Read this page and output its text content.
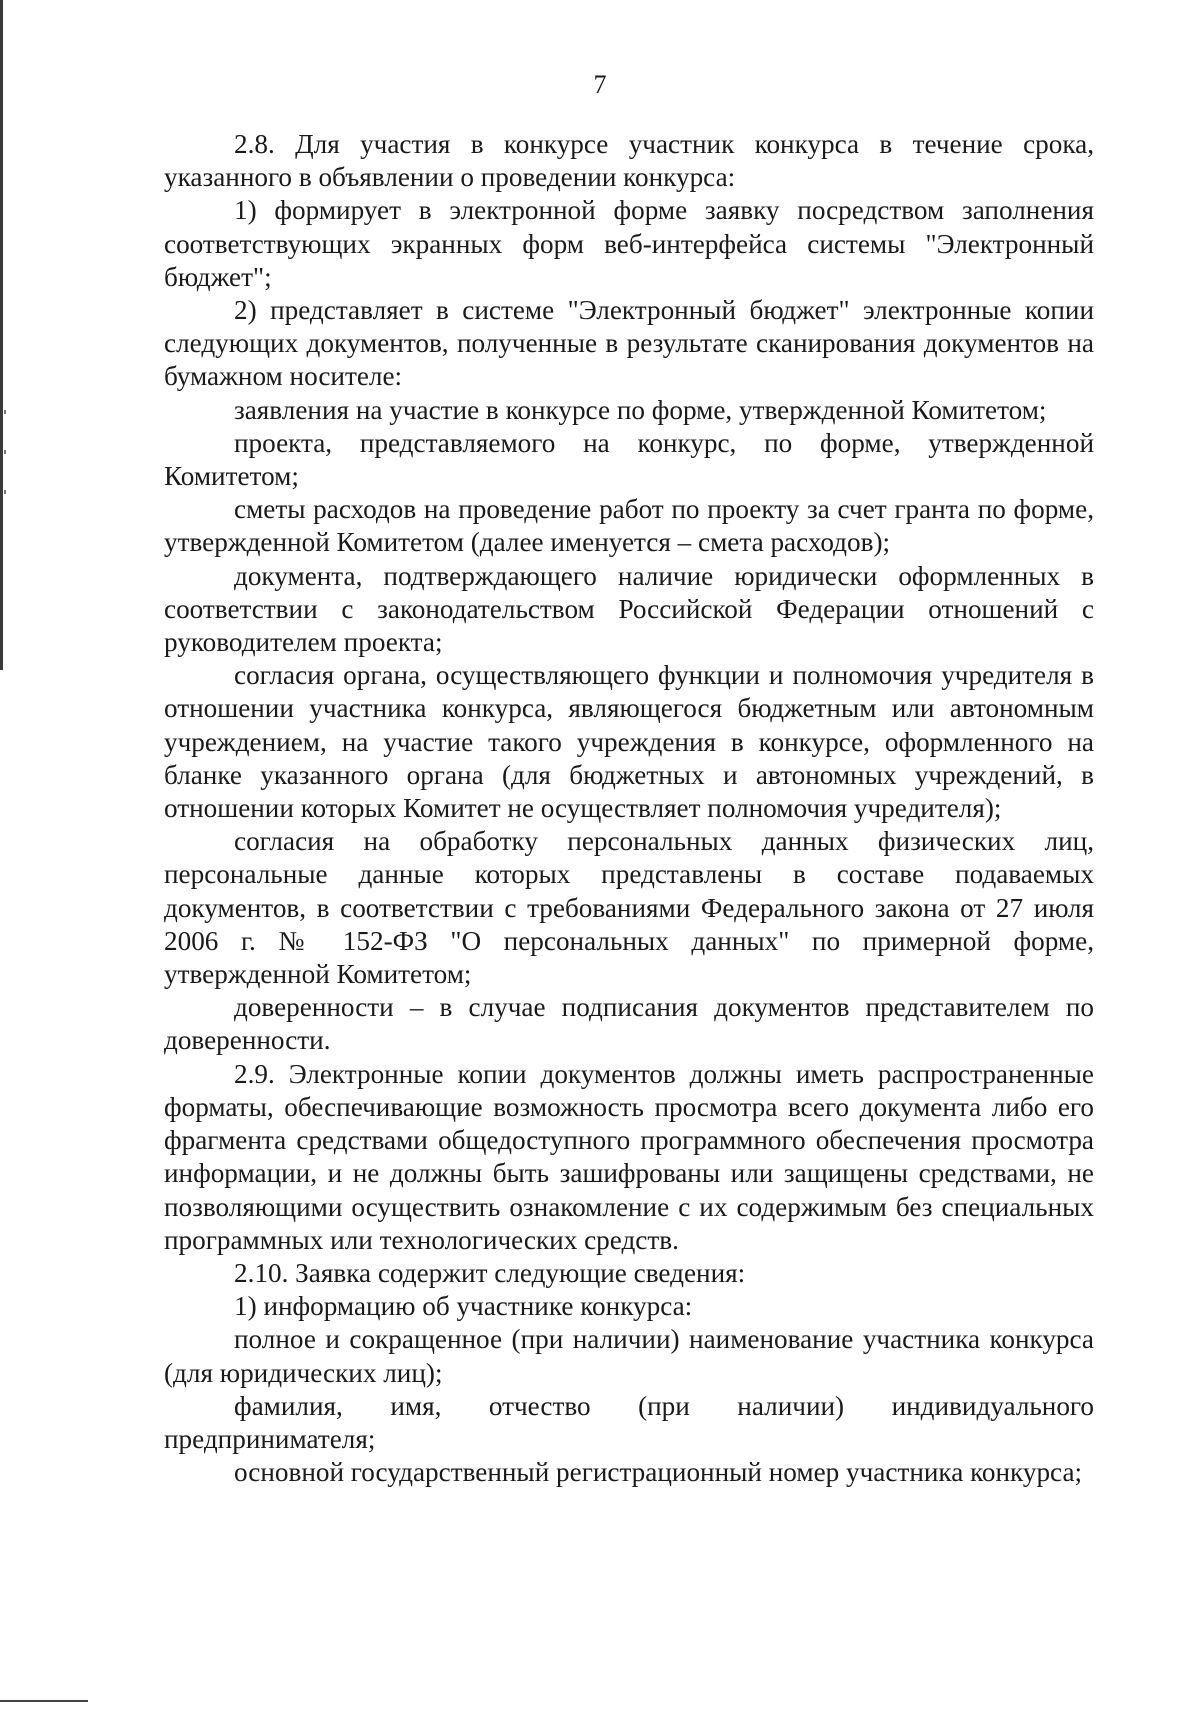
7

2.8. Для участия в конкурсе участник конкурса в течение срока, указанного в объявлении о проведении конкурса:

1) формирует в электронной форме заявку посредством заполнения соответствующих экранных форм веб-интерфейса системы "Электронный бюджет";

2) представляет в системе "Электронный бюджет" электронные копии следующих документов, полученные в результате сканирования документов на бумажном носителе:

заявления на участие в конкурсе по форме, утвержденной Комитетом;

проекта, представляемого на конкурс, по форме, утвержденной Комитетом;

сметы расходов на проведение работ по проекту за счет гранта по форме, утвержденной Комитетом (далее именуется – смета расходов);

документа, подтверждающего наличие юридически оформленных в соответствии с законодательством Российской Федерации отношений с руководителем проекта;

согласия органа, осуществляющего функции и полномочия учредителя в отношении участника конкурса, являющегося бюджетным или автономным учреждением, на участие такого учреждения в конкурсе, оформленного на бланке указанного органа (для бюджетных и автономных учреждений, в отношении которых Комитет не осуществляет полномочия учредителя);

согласия на обработку персональных данных физических лиц, персональные данные которых представлены в составе подаваемых документов, в соответствии с требованиями Федерального закона от 27 июля 2006 г. № 152-ФЗ "О персональных данных" по примерной форме, утвержденной Комитетом;

доверенности – в случае подписания документов представителем по доверенности.

2.9. Электронные копии документов должны иметь распространенные форматы, обеспечивающие возможность просмотра всего документа либо его фрагмента средствами общедоступного программного обеспечения просмотра информации, и не должны быть зашифрованы или защищены средствами, не позволяющими осуществить ознакомление с их содержимым без специальных программных или технологических средств.

2.10. Заявка содержит следующие сведения:

1) информацию об участнике конкурса:

полное и сокращенное (при наличии) наименование участника конкурса (для юридических лиц);

фамилия, имя, отчество (при наличии) индивидуального предпринимателя;

основной государственный регистрационный номер участника конкурса;
